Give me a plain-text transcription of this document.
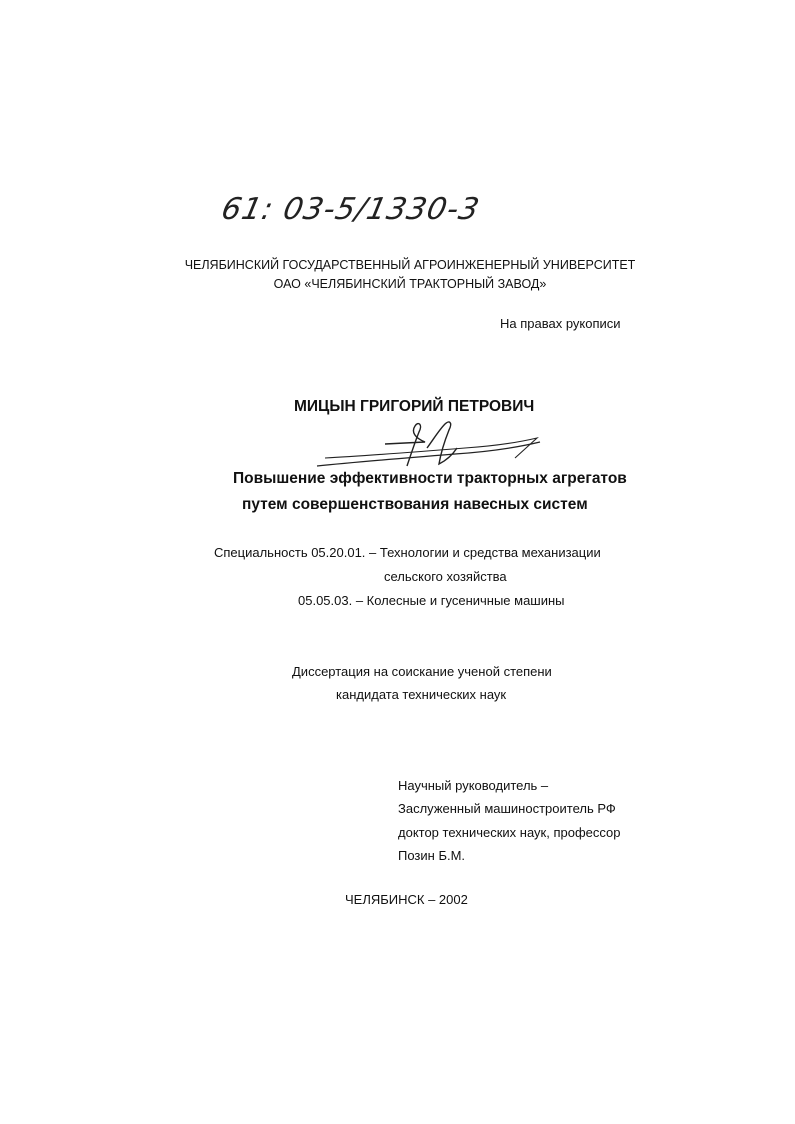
61: 03-5/1330-3
ЧЕЛЯБИНСКИЙ ГОСУДАРСТВЕННЫЙ АГРОИНЖЕНЕРНЫЙ УНИВЕРСИТЕТ
ОАО «ЧЕЛЯБИНСКИЙ ТРАКТОРНЫЙ ЗАВОД»
На правах рукописи
МИЦЫН ГРИГОРИЙ ПЕТРОВИЧ
Повышение эффективности тракторных агрегатов
путем совершенствования навесных систем
Специальность 05.20.01. – Технологии и средства механизации
сельского хозяйства
05.05.03. – Колесные и гусеничные машины
Диссертация на соискание ученой степени
кандидата технических наук
Научный руководитель –
Заслуженный машиностроитель РФ
доктор технических наук, профессор
Позин Б.М.
ЧЕЛЯБИНСК – 2002
